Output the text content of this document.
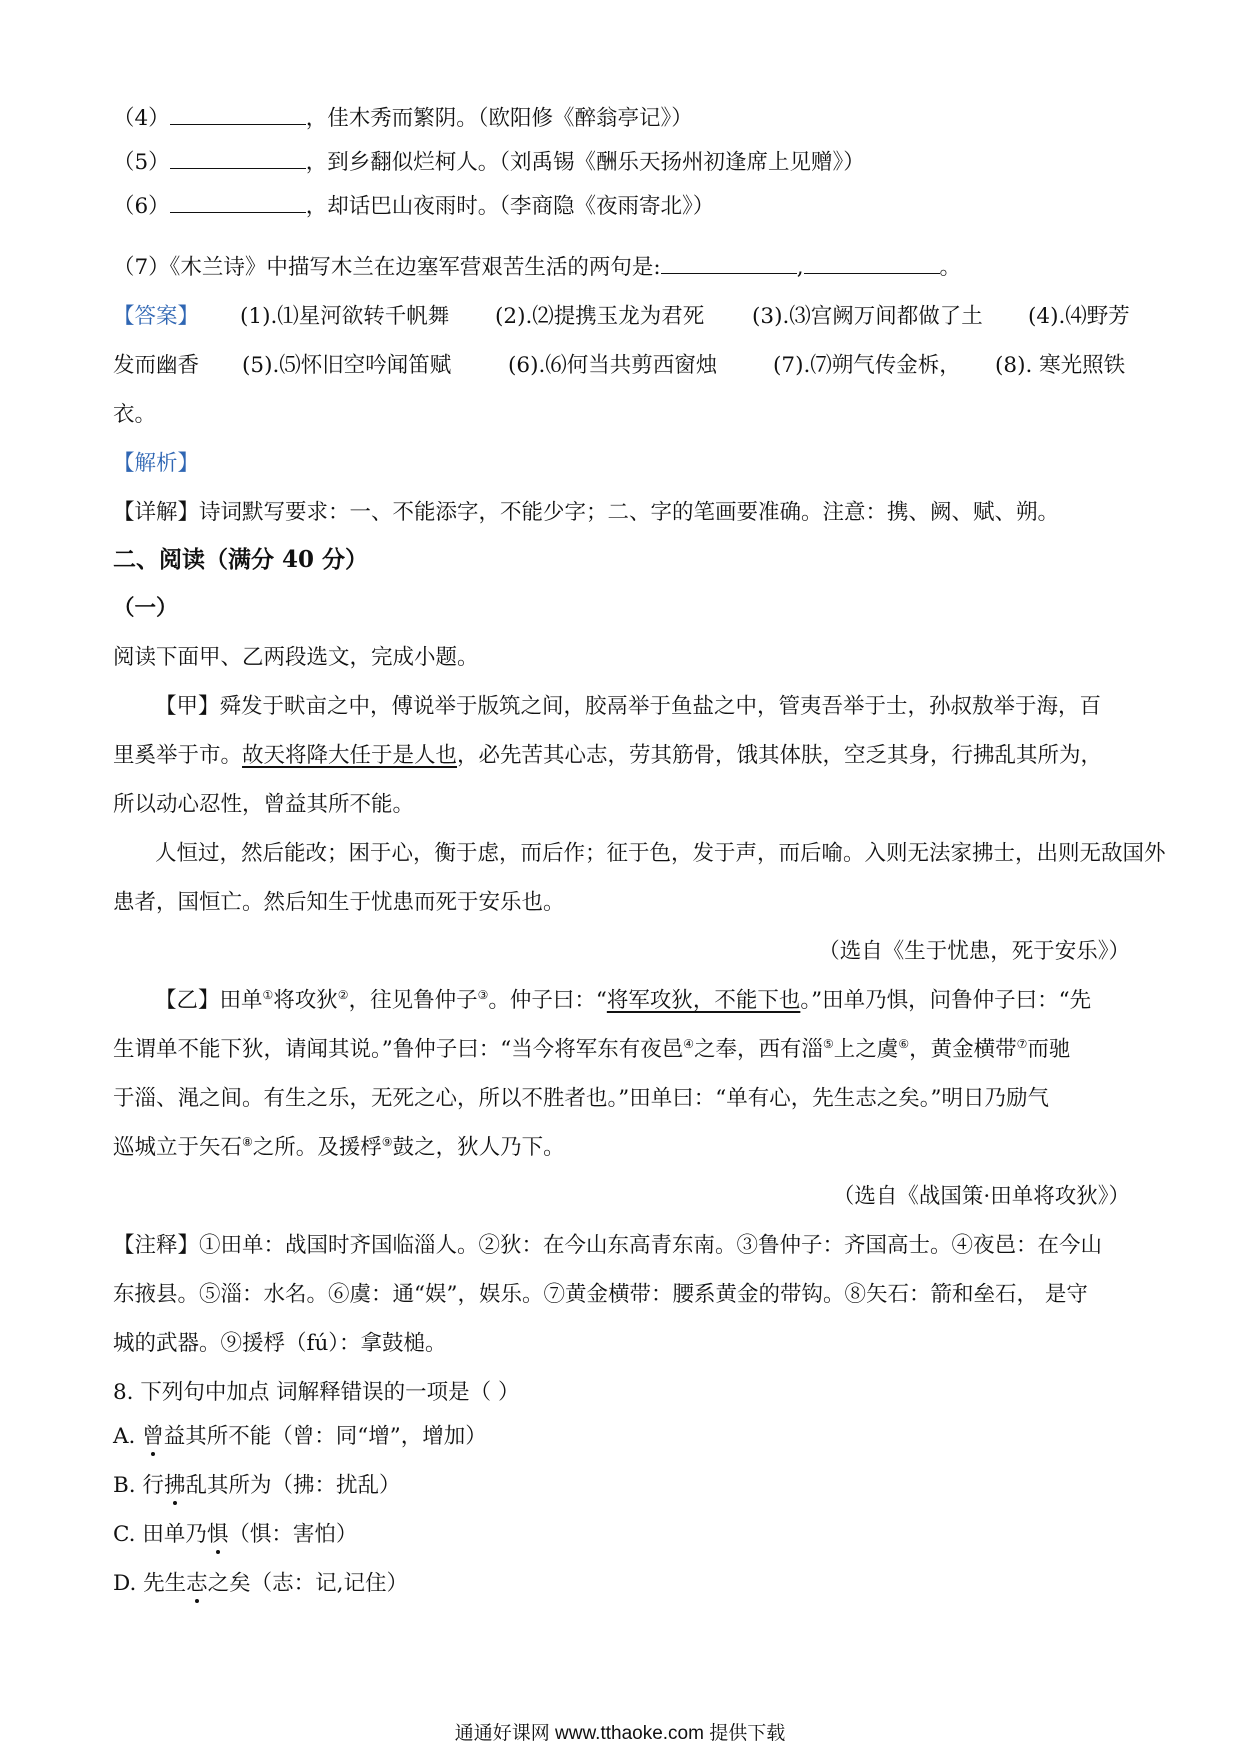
（4）	，佳木秀而繁阴。（欧阳修《醉翁亭记》）
（5）	，到乡翻似烂柯人。（刘禹锡《酬乐天扬州初逢席上见赠》）
（6）	，却话巴山夜雨时。（李商隐《夜雨寄北》）
（7）《木兰诗》中描写木兰在边塞军营艰苦生活的两句是:	,	。
【答案】 (1).⑴星河欲转千帆舞 (2).⑵提携玉龙为君死 (3).⑶宫阙万间都做了土 (4).⑷野芳
发而幽香 (5).⑸怀旧空吟闻笛赋	(6).⑹何当共剪西窗烛	(7).⑺朔气传金柝， (8). 寒光照铁
衣。
【解析】
【详解】诗词默写要求：一、不能添字，不能少字；二、字的笔画要准确。注意：携、阙、赋、朔。
二、阅读（满分 40 分）
（一）
阅读下面甲、乙两段选文，完成小题。
【甲】舜发于畎亩之中，傅说举于版筑之间，胶鬲举于鱼盐之中，管夷吾举于士，孙叔敖举于海，百
里奚举于市。故天将降大任于是人也，必先苦其心志，劳其筋骨，饿其体肤，空乏其身，行拂乱其所为，
所以动心忍性，曾益其所不能。
人恒过，然后能改；困于心，衡于虑，而后作；征于色，发于声，而后喻。入则无法家拂士，出则无敌国外
患者，国恒亡。然后知生于忧患而死于安乐也。
（选自《生于忧患，死于安乐》）
【乙】田单①将攻狄②，往见鲁仲子③。仲子曰：“将军攻狄，不能下也。”田单乃惧，问鲁仲子曰：“先
生谓单不能下狄，请闻其说。”鲁仲子曰：“当今将军东有夜邑④之奉，西有淄⑤上之虞⑥，黄金横带⑦而驰
于淄、渑之间。有生之乐，无死之心，所以不胜者也。”田单曰：“单有心，先生志之矣。”明日乃励气
巡城立于矢石⑧之所。及援桴⑨鼓之，狄人乃下。
（选自《战国策·田单将攻狄》）
【注释】①田单：战国时齐国临淄人。②狄：在今山东高青东南。③鲁仲子：齐国高士。④夜邑：在今山
东掖县。⑤淄：水名。⑥虞：通“娱”，娱乐。⑦黄金横带：腰系黄金的带钩。⑧矢石：箭和垒石， 是守
城的武器。⑨援桴（fú）：拿鼓槌。
8. 下列句中加点 词解释错误的一项是（ ）
A. 曾益其所不能（曾：同“增”，增加）
B. 行拂乱其所为（拂：扰乱）
C. 田单乃惧（惧：害怕）
D. 先生志之矣（志：记,记住）
通通好课网 www.tthaoke.com 提供下载
